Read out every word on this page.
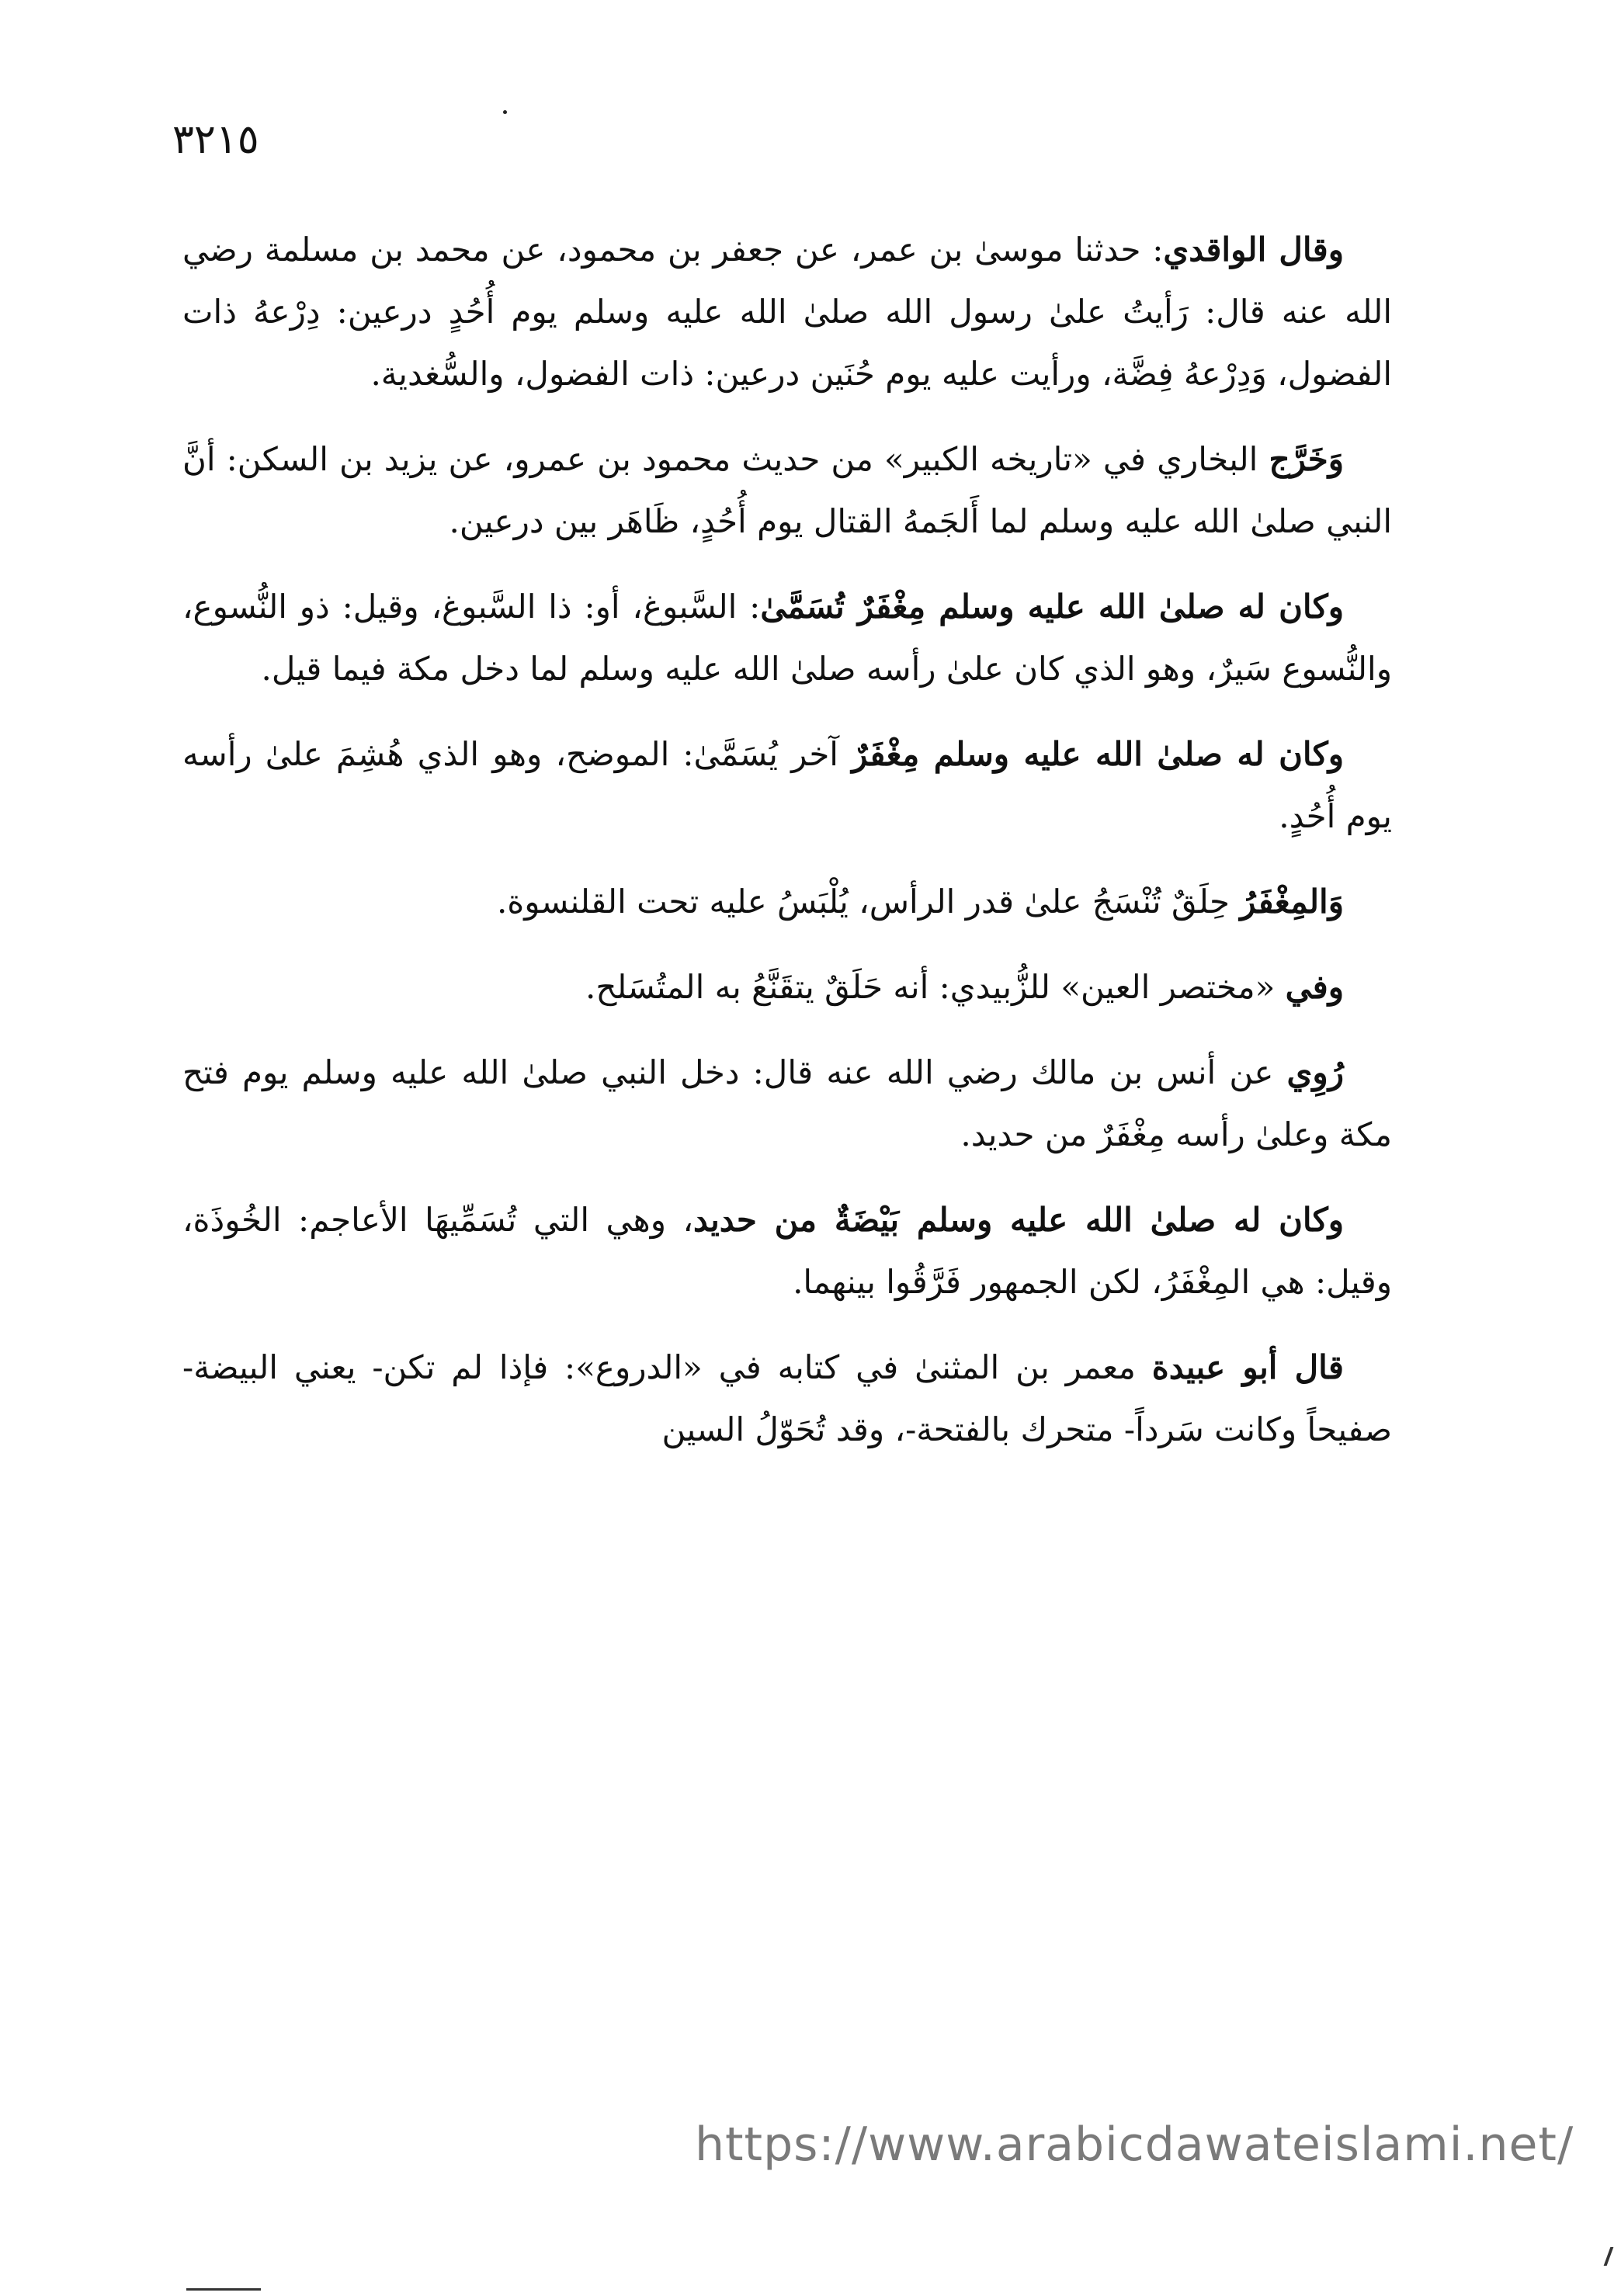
٣٢١٥

وقال الواقدي: حدثنا موسىٰ بن عمر، عن جعفر بن محمود، عن محمد بن مسلمة رضي الله عنه قال: رَأيتُ علىٰ رسول الله صلىٰ الله عليه وسلم يوم أُحُدٍ درعين: دِرْعهُ ذات الفضول، وَدِرْعهُ فِضَّة، ورأيت عليه يوم حُنَين درعين: ذات الفضول، والسُّغدية.

وَخَرَّج البخاري في «تاريخه الكبير» من حديث محمود بن عمرو، عن يزيد بن السكن: أنَّ النبي صلىٰ الله عليه وسلم لما أَلجَمهُ القتال يوم أُحُدٍ، ظَاهَر بين درعين.

وكان له صلىٰ الله عليه وسلم مِغْفَرٌ تُسَمَّىٰ: السَّبوغ، أو: ذا السَّبوغ، وقيل: ذو النُّسوع، والنُّسوع سَيرٌ، وهو الذي كان علىٰ رأسه صلىٰ الله عليه وسلم لما دخل مكة فيما قيل.

وكان له صلىٰ الله عليه وسلم مِغْفَرٌ آخر يُسَمَّىٰ: الموضح، وهو الذي هُشِمَ علىٰ رأسه يوم أُحُدٍ.

وَالمِغْفَرُ حِلَقٌ تُنْسَجُ علىٰ قدر الرأس، يُلْبَسُ عليه تحت القلنسوة.

وفي «مختصر العين» للزُّبيدي: أنه حَلَقٌ يتقَنَّعُ به المتُسَلح.

رُوِي عن أنس بن مالك رضي الله عنه قال: دخل النبي صلىٰ الله عليه وسلم يوم فتح مكة وعلىٰ رأسه مِغْفَرٌ من حديد.

وكان له صلىٰ الله عليه وسلم بَيْضَةٌ من حديد، وهي التي تُسَمِّيهَا الأعاجم: الخُوذَة، وقيل: هي المِغْفَرُ، لكن الجمهور فَرَّقُوا بينهما.

قال أبو عبيدة معمر بن المثنىٰ في كتابه في «الدروع»: فإذا لم تكن- يعني البيضة- صفيحاً وكانت سَرداً- متحرك بالفتحة-، وقد تُحَوّلُ السين

https://www.arabicdawateislami.net/
